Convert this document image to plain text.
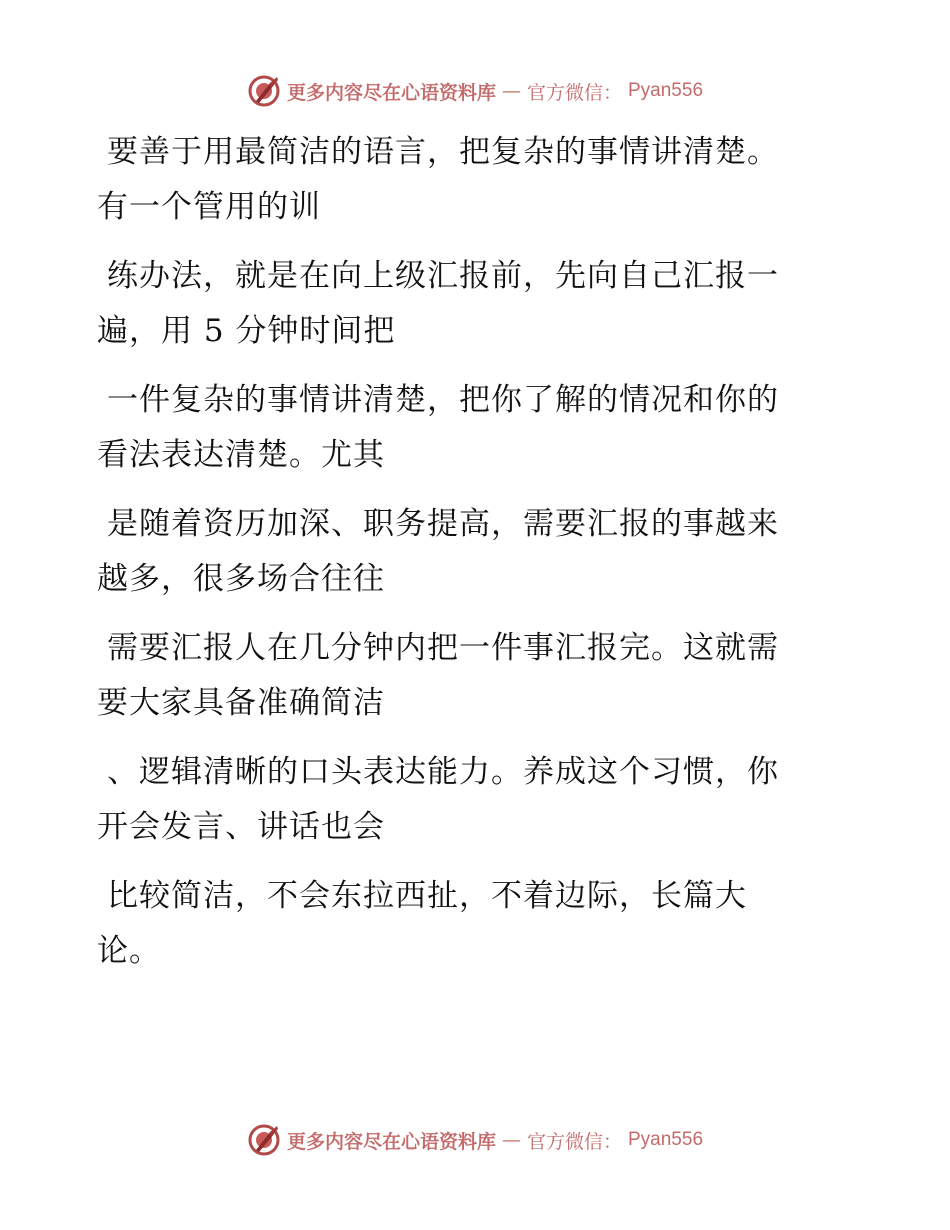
更多内容尽在心语资料库 — 官方微信： Pyan556
要善于用最简洁的语言，把复杂的事情讲清楚。
有一个管用的训
练办法，就是在向上级汇报前，先向自己汇报一
遍，用 5 分钟时间把
一件复杂的事情讲清楚，把你了解的情况和你的
看法表达清楚。尤其
是随着资历加深、职务提高，需要汇报的事越来
越多，很多场合往往
需要汇报人在几分钟内把一件事汇报完。这就需
要大家具备准确简洁
、逻辑清晰的口头表达能力。养成这个习惯，你
开会发言、讲话也会
比较简洁，不会东拉西扯，不着边际，长篇大
论。
更多内容尽在心语资料库 — 官方微信： Pyan556
